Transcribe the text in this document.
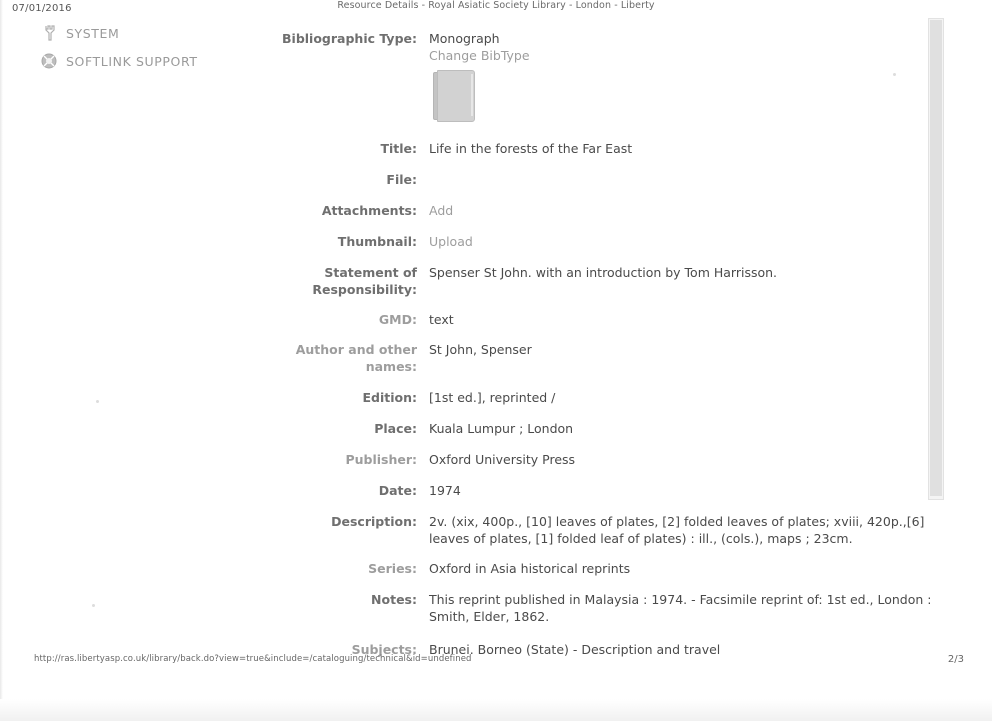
07/01/2016	Resource Details - Royal Asiatic Society Library - London - Liberty
SYSTEM
SOFTLINK SUPPORT
Bibliographic Type: Monograph
Change BibType
Title: Life in the forests of the Far East
File:
Attachments: Add
Thumbnail: Upload
Statement of Responsibility:
Spenser St John. with an introduction by Tom Harrisson.
GMD: text
Author and other names:
St John, Spenser
Edition: [1st ed.], reprinted /
Place: Kuala Lumpur ; London
Publisher: Oxford University Press
Date: 1974
Description: 2v. (xix, 400p., [10] leaves of plates, [2] folded leaves of plates; xviii, 420p.,[6] leaves of plates, [1] folded leaf of plates) : ill., (cols.), maps ; 23cm.
Series: Oxford in Asia historical reprints
Notes: This reprint published in Malaysia : 1974. - Facsimile reprint of: 1st ed., London : Smith, Elder, 1862.
Subjects: Brunei. Borneo (State) - Description and travel
http://ras.libertyasp.co.uk/library/back.do?view=true&include=/cataloguing/technical&id=undefined	2/3
